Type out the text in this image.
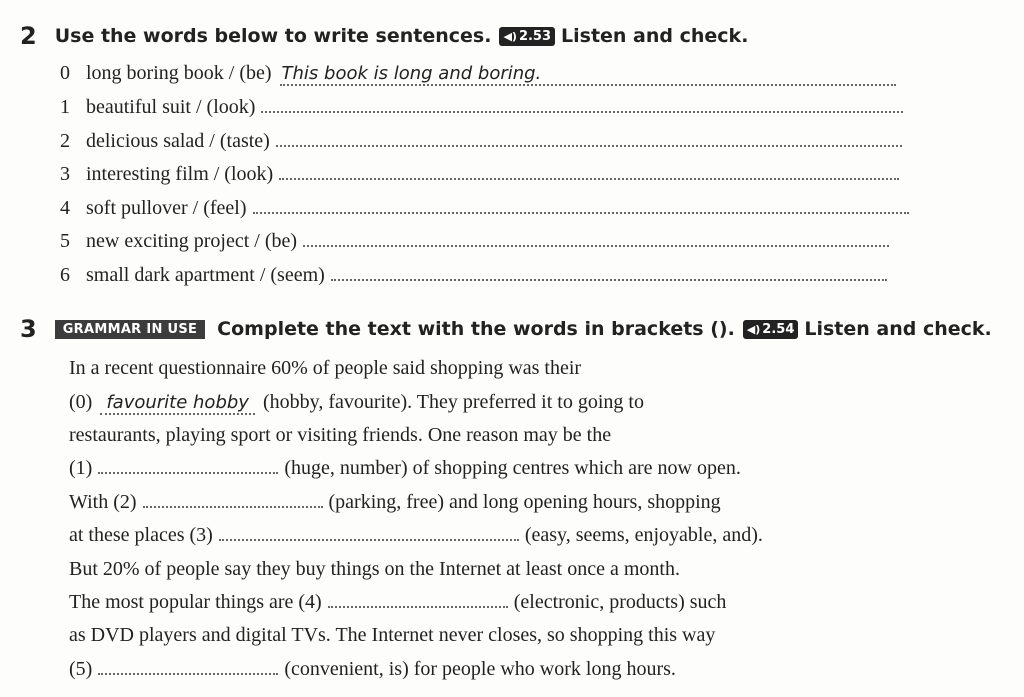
2 Use the words below to write sentences. ◀) 2.53 Listen and check.
0 long boring book / (be) This book is long and boring.
1 beautiful suit / (look)
2 delicious salad / (taste)
3 interesting film / (look)
4 soft pullover / (feel)
5 new exciting project / (be)
6 small dark apartment / (seem)
3	GRAMMAR IN USE	Complete the text with the words in brackets (). ◀) 2.54 Listen and check.
In a recent questionnaire 60% of people said shopping was their
(0) favourite hobby (hobby, favourite). They preferred it to going to
restaurants, playing sport or visiting friends. One reason may be the
(1)	(huge, number) of shopping centres which are now open.
With (2)	(parking, free) and long opening hours, shopping
at these places (3)	(easy, seems, enjoyable, and).
But 20% of people say they buy things on the Internet at least once a month.
The most popular things are (4)	(electronic, products) such
as DVD players and digital TVs. The Internet never closes, so shopping this way
(5)	(convenient, is) for people who work long hours.
